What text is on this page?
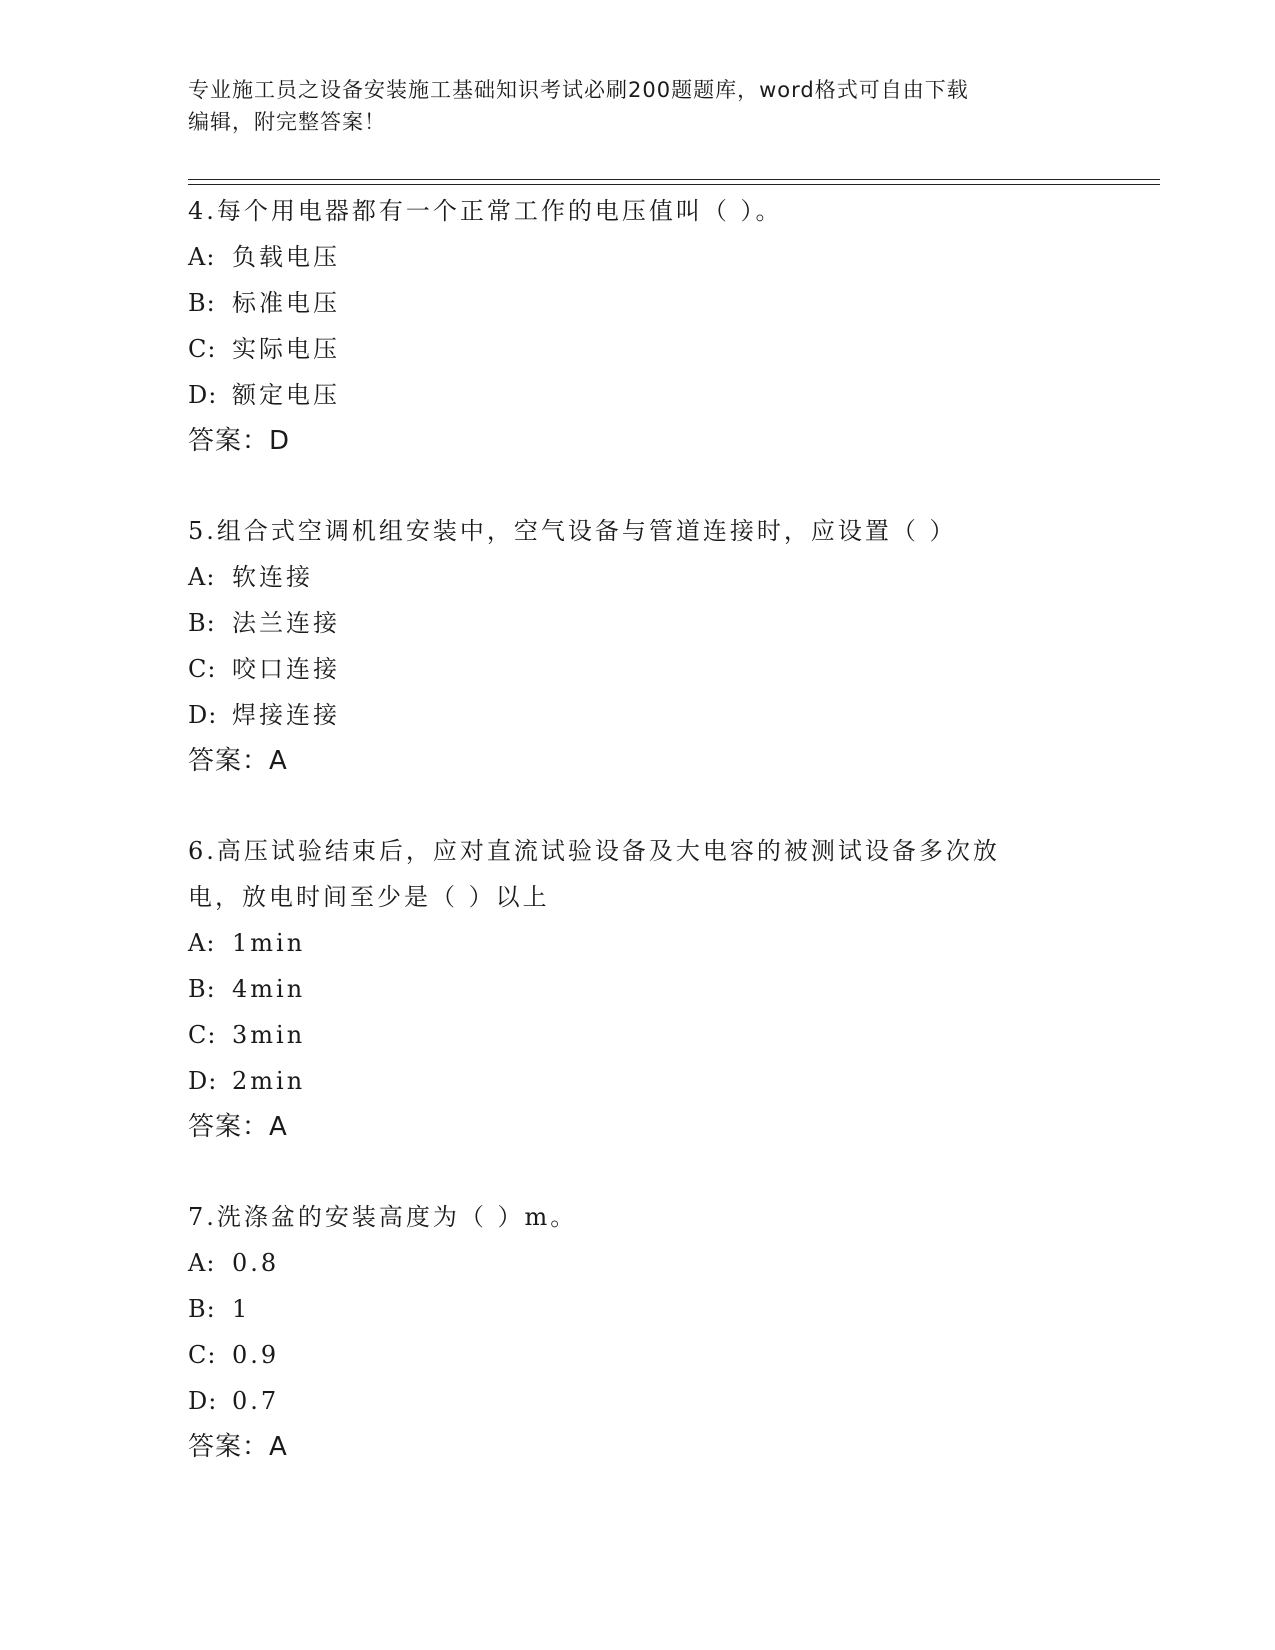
专业施工员之设备安装施工基础知识考试必刷200题题库，word格式可自由下载
编辑，附完整答案！

4.每个用电器都有一个正常工作的电压值叫（ ）。

A: 负载电压

B: 标准电压

C: 实际电压

D: 额定电压

答案：D

5.组合式空调机组安装中，空气设备与管道连接时，应设置（ ）

A: 软连接

B: 法兰连接

C: 咬口连接

D: 焊接连接

答案：A

6.高压试验结束后，应对直流试验设备及大电容的被测试设备多次放

电，放电时间至少是（ ）以上

A: 1min

B: 4min

C: 3min

D: 2min

答案：A

7.洗涤盆的安装高度为（ ）m。

A: 0.8

B: 1

C: 0.9

D: 0.7

答案：A
